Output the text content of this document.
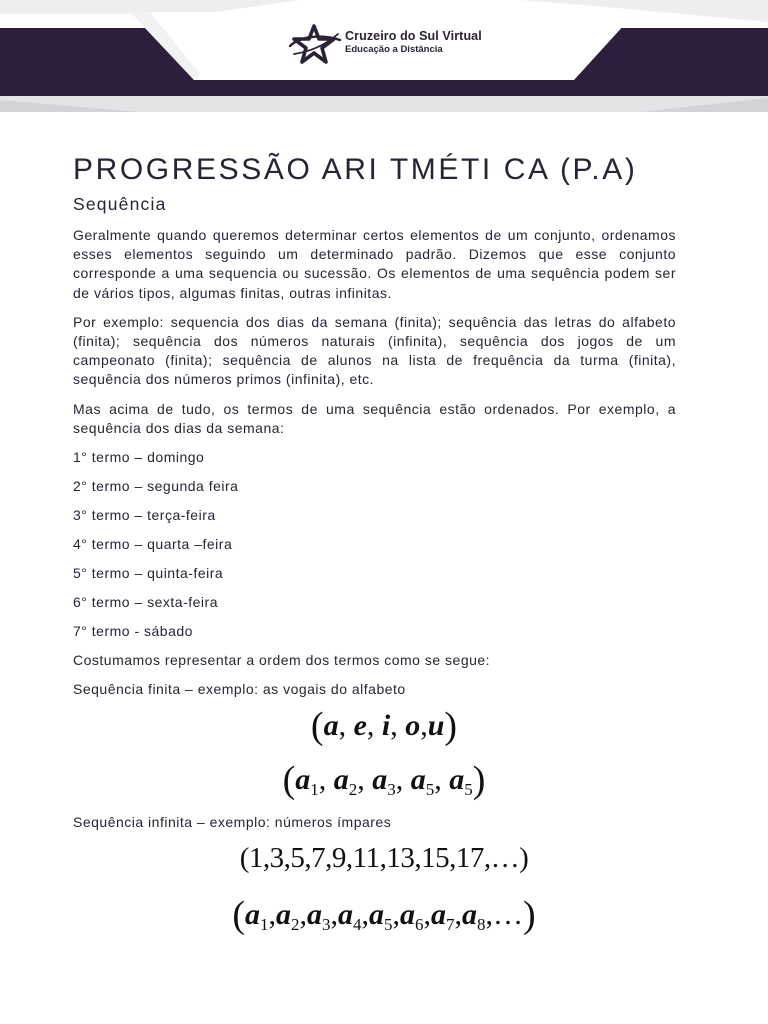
Cruzeiro do Sul Virtual
Educação a Distância
PROGRESSÃO ARI TMÉTI CA (P.A)
Sequência

Geralmente quando queremos determinar certos elementos de um conjunto, ordenamos esses elementos seguindo um determinado padrão. Dizemos que esse conjunto corresponde a uma sequencia ou sucessão. Os elementos de uma sequência podem ser de vários tipos, algumas finitas, outras infinitas.

Por exemplo: sequencia dos dias da semana (finita); sequência das letras do alfabeto (finita); sequência dos números naturais (infinita), sequência dos jogos de um campeonato (finita); sequência de alunos na lista de frequência da turma (finita), sequência dos números primos (infinita), etc.

Mas acima de tudo, os termos de uma sequência estão ordenados. Por exemplo, a sequência dos dias da semana:

1° termo – domingo
2° termo – segunda feira
3° termo – terça-feira
4° termo – quarta –feira
5° termo – quinta-feira
6° termo – sexta-feira
7° termo - sábado

Costumamos representar a ordem dos termos como se segue:

Sequência finita – exemplo: as vogais do alfabeto

(a, e, i, o,u)
($a_1$, $a_2$, $a_3$, $a_5$, $a_5$)

Sequência infinita – exemplo: números ímpares

(1,3,5,7,9,11,13,15,17,…)
$(a_1,a_2,a_3,a_4,a_5,a_6,a_7,a_8,\dots)$
